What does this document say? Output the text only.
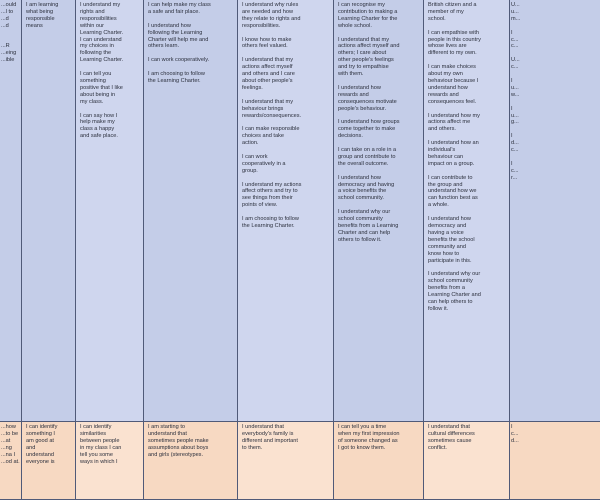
...ould
...l to
...d
...d

...R
...eing
...ible
I am learning
what being
responsible
means
I understand my
rights and
responsibilities
within our
Learning Charter.
I can understand
my choices in
following the
Learning Charter.

I can tell you
something
positive that I like
about being in
my class.

I can say how I
help make my
class a happy
and safe place.
I can help make my class
a safe and fair place.

I understand how
following the Learning
Charter will help me and
others learn.

I can work cooperatively.

I am choosing to follow
the Learning Charter.
I understand why rules
are needed and how
they relate to rights and
responsibilities.

I know how to make
others feel valued.

I understand that my
actions affect myself
and others and I care
about other people's
feelings.

I understand that my
behaviour brings
rewards/consequences.

I can make responsible
choices and take
action.

I can work
cooperatively in a
group.

I understand my actions
affect others and try to
see things from their
points of view.

I am choosing to follow
the Learning Charter.
I can recognise my
contribution to making a
Learning Charter for the
whole school.

I understand that my
actions affect myself and
others; I care about
other people's feelings
and try to empathise
with them.

I understand how
rewards and
consequences motivate
people's behaviour.

I understand how groups
come together to make
decisions.

I can take on a role in a
group and contribute to
the overall outcome.

I understand how
democracy and having
a voice benefits the
school community.

I understand why our
school community
benefits from a Learning
Charter and can help
others to follow it.
British citizen and a
member of my
school.

I can empathise with
people in this country
whose lives are
different to my own.

I can make choices
about my own
behaviour because I
understand how
rewards and
consequences feel.

I understand how my
actions affect me
and others.

I understand how an
individual's
behaviour can
impact on a group.

I can contribute to
the group and
understand how we
can function best as
a whole.

I understand how
democracy and
having a voice
benefits the school
community and
know how to
participate in this.

I understand why our
school community
benefits from a
Learning Charter and
can help others to
follow it.
U...
u...
m...

I
c...
c...

U...
c...

I
u...
w...

I
u...
g...

I
d...
c...

I
c...
r...
...how
...to be
...at
...ng
...na I
...od at.
I can identify
something I
am good at
and
understand
everyone is
I can identify
similarities
between people
in my class I can
tell you some
ways in which I
I am starting to
understand that
sometimes people make
assumptions about boys
and girls (stereotypes.
I understand that
everybody's family is
different and important
to them.
I can tell you a time
when my first impression
of someone changed as
I got to know them.
I understand that
cultural differences
sometimes cause
conflict.
I
c...
d...
